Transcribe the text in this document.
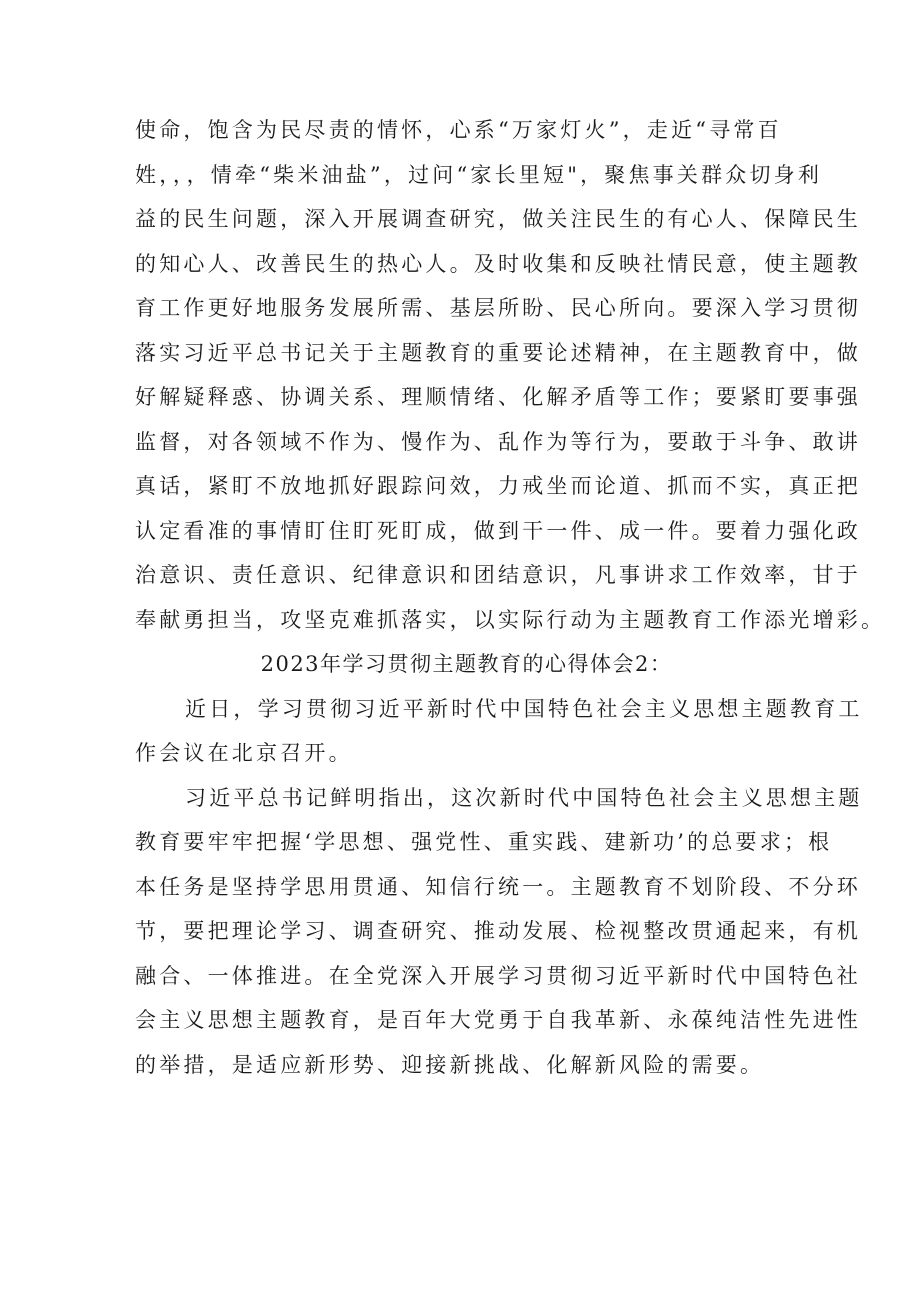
使命，饱含为民尽责的情怀，心系“万家灯火”，走近“寻常百
姓，，，情牵“柴米油盐”，过问“家长里短"，聚焦事关群众切身利
益的民生问题，深入开展调查研究，做关注民生的有心人、保障民生
的知心人、改善民生的热心人。及时收集和反映社情民意，使主题教
育工作更好地服务发展所需、基层所盼、民心所向。要深入学习贯彻
落实习近平总书记关于主题教育的重要论述精神，在主题教育中，做
好解疑释惑、协调关系、理顺情绪、化解矛盾等工作；要紧盯要事强
监督，对各领域不作为、慢作为、乱作为等行为，要敢于斗争、敢讲
真话，紧盯不放地抓好跟踪问效，力戒坐而论道、抓而不实，真正把
认定看准的事情盯住盯死盯成，做到干一件、成一件。要着力强化政
治意识、责任意识、纪律意识和团结意识，凡事讲求工作效率，甘于
奉献勇担当，攻坚克难抓落实，以实际行动为主题教育工作添光增彩。
2023年学习贯彻主题教育的心得体会2：
近日，学习贯彻习近平新时代中国特色社会主义思想主题教育工
作会议在北京召开。
习近平总书记鲜明指出，这次新时代中国特色社会主义思想主题
教育要牢牢把握‘学思想、强党性、重实践、建新功’的总要求；根
本任务是坚持学思用贯通、知信行统一。主题教育不划阶段、不分环
节，要把理论学习、调查研究、推动发展、检视整改贯通起来，有机
融合、一体推进。在全党深入开展学习贯彻习近平新时代中国特色社
会主义思想主题教育，是百年大党勇于自我革新、永葆纯洁性先进性
的举措，是适应新形势、迎接新挑战、化解新风险的需要。
